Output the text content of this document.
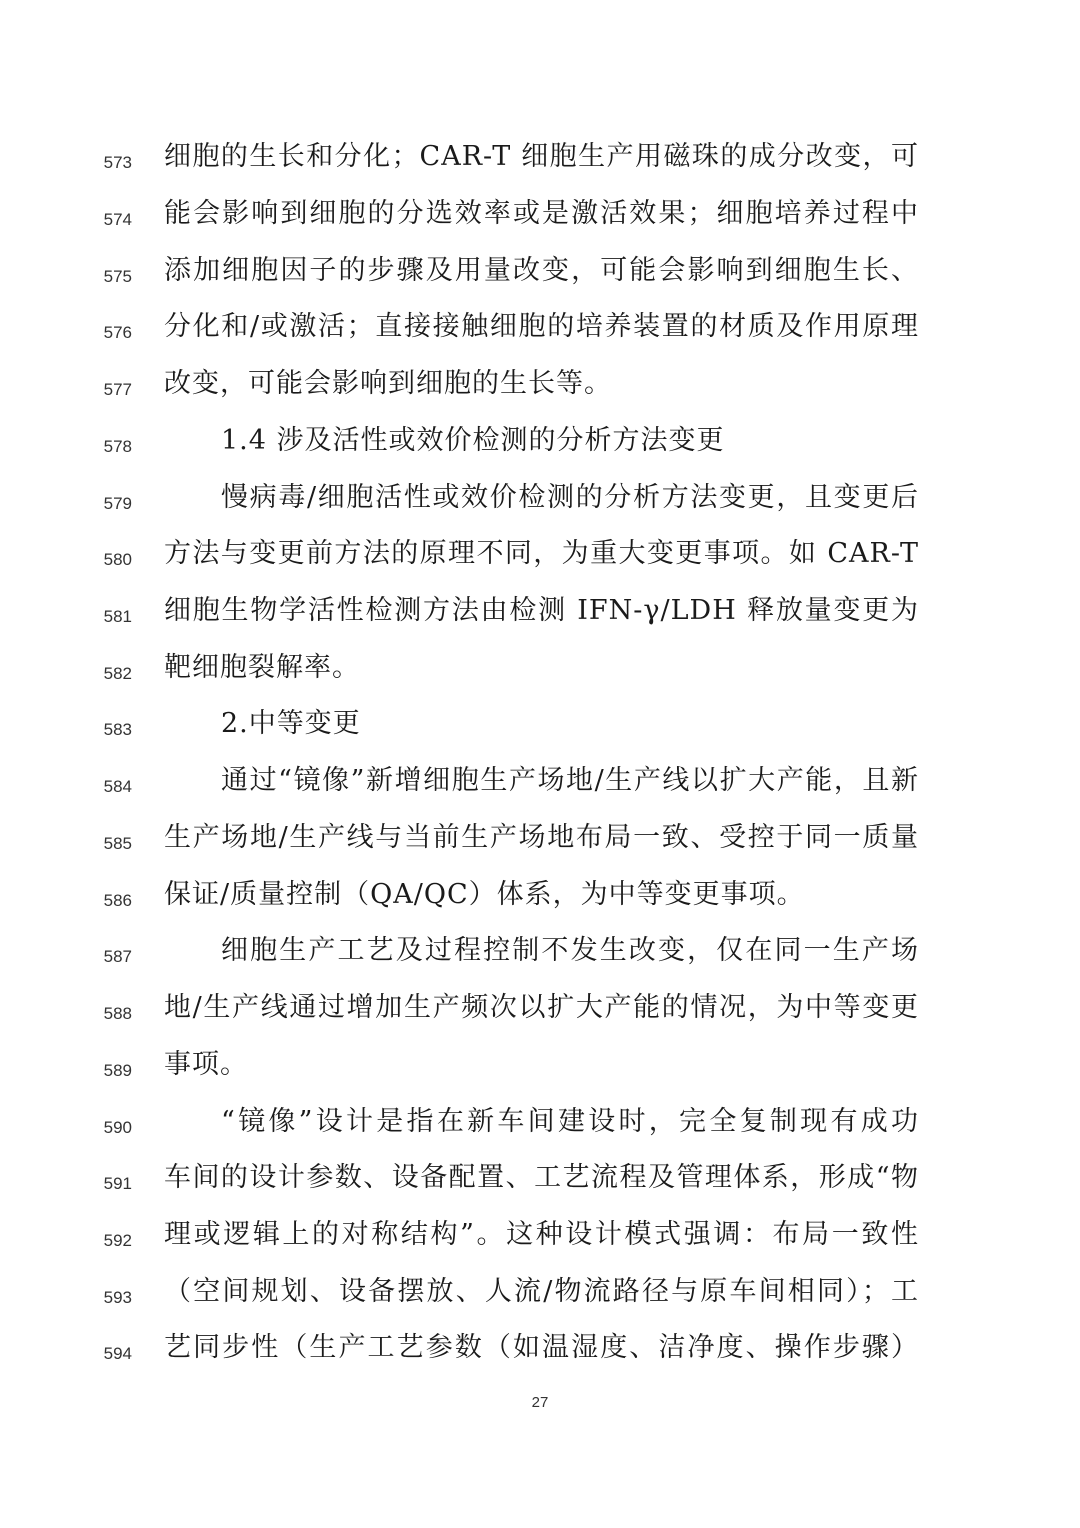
573 细胞的生长和分化；CAR-T 细胞生产用磁珠的成分改变，可
574 能会影响到细胞的分选效率或是激活效果；细胞培养过程中
575 添加细胞因子的步骤及用量改变，可能会影响到细胞生长、
576 分化和/或激活；直接接触细胞的培养装置的材质及作用原理
577 改变，可能会影响到细胞的生长等。
578	1.4 涉及活性或效价检测的分析方法变更
579	慢病毒/细胞活性或效价检测的分析方法变更，且变更后
580 方法与变更前方法的原理不同，为重大变更事项。如 CAR-T
581 细胞生物学活性检测方法由检测 IFN-γ/LDH 释放量变更为
582 靶细胞裂解率。
583	2.中等变更
584	通过“镜像”新增细胞生产场地/生产线以扩大产能，且新
585 生产场地/生产线与当前生产场地布局一致、受控于同一质量
586 保证/质量控制（QA/QC）体系，为中等变更事项。
587	细胞生产工艺及过程控制不发生改变，仅在同一生产场
588 地/生产线通过增加生产频次以扩大产能的情况，为中等变更
589 事项。
590	“镜像”设计是指在新车间建设时，完全复制现有成功
591 车间的设计参数、设备配置、工艺流程及管理体系，形成“物
592 理或逻辑上的对称结构”。这种设计模式强调：布局一致性
593 （空间规划、设备摆放、人流/物流路径与原车间相同）；工
594 艺同步性（生产工艺参数（如温湿度、洁净度、操作步骤）
27
